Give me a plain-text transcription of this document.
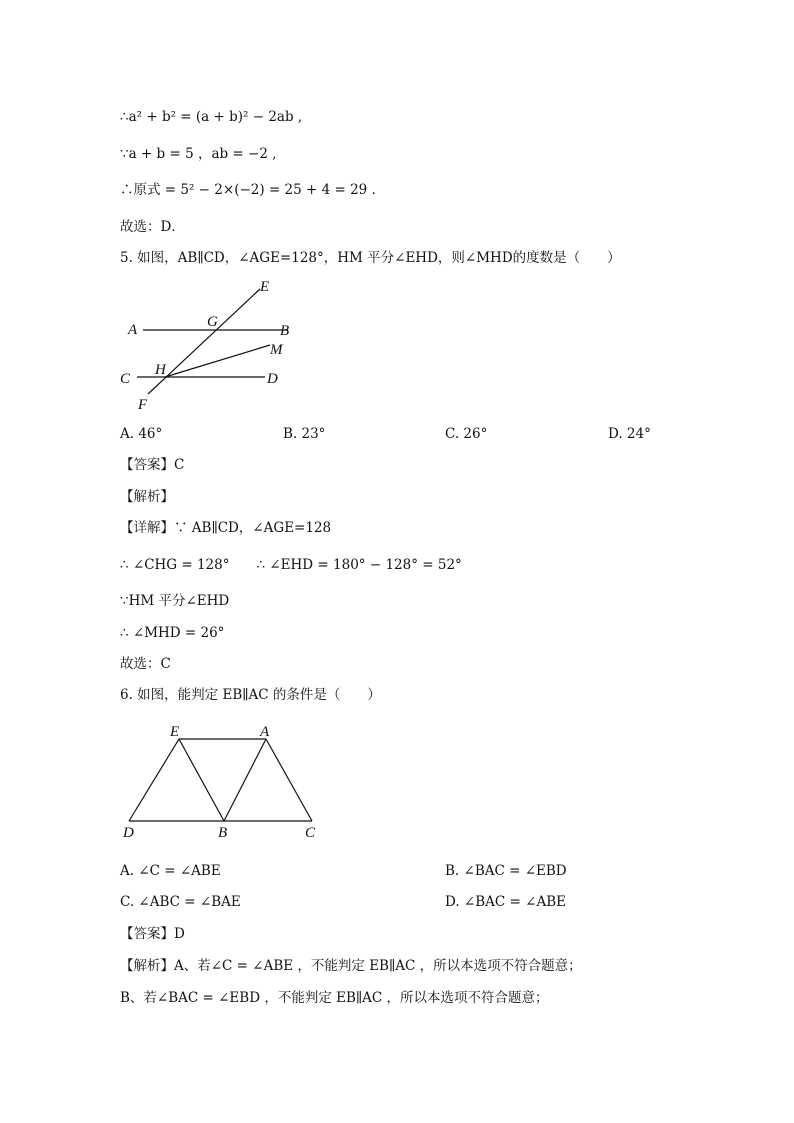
∴a² + b² = (a + b)² − 2ab ,
∵a + b = 5 ，ab = −2 ,
∴原式 = 5² − 2×(−2) = 25 + 4 = 29 .
故选：D．
5. 如图，AB∥CD，∠AGE=128°，HM 平分∠EHD，则∠MHD的度数是（　　）
E
A	G
B
M
C
H
D
F
A. 46°	B. 23°	C. 26°	D. 24°
【答案】C
【解析】
【详解】∵ AB∥CD，∠AGE=128
∴ ∠CHG = 128°　　∴ ∠EHD = 180° − 128° = 52°
∵HM 平分∠EHD
∴ ∠MHD = 26°
故选：C
6. 如图，能判定 EB∥AC 的条件是（　　）
E	A
D	B	C
A. ∠C = ∠ABE	B. ∠BAC = ∠EBD
C. ∠ABC = ∠BAE	D. ∠BAC = ∠ABE
【答案】D
【解析】A、若∠C = ∠ABE ，不能判定 EB∥AC ，所以本选项不符合题意；
B、若∠BAC = ∠EBD ，不能判定 EB∥AC ，所以本选项不符合题意；
